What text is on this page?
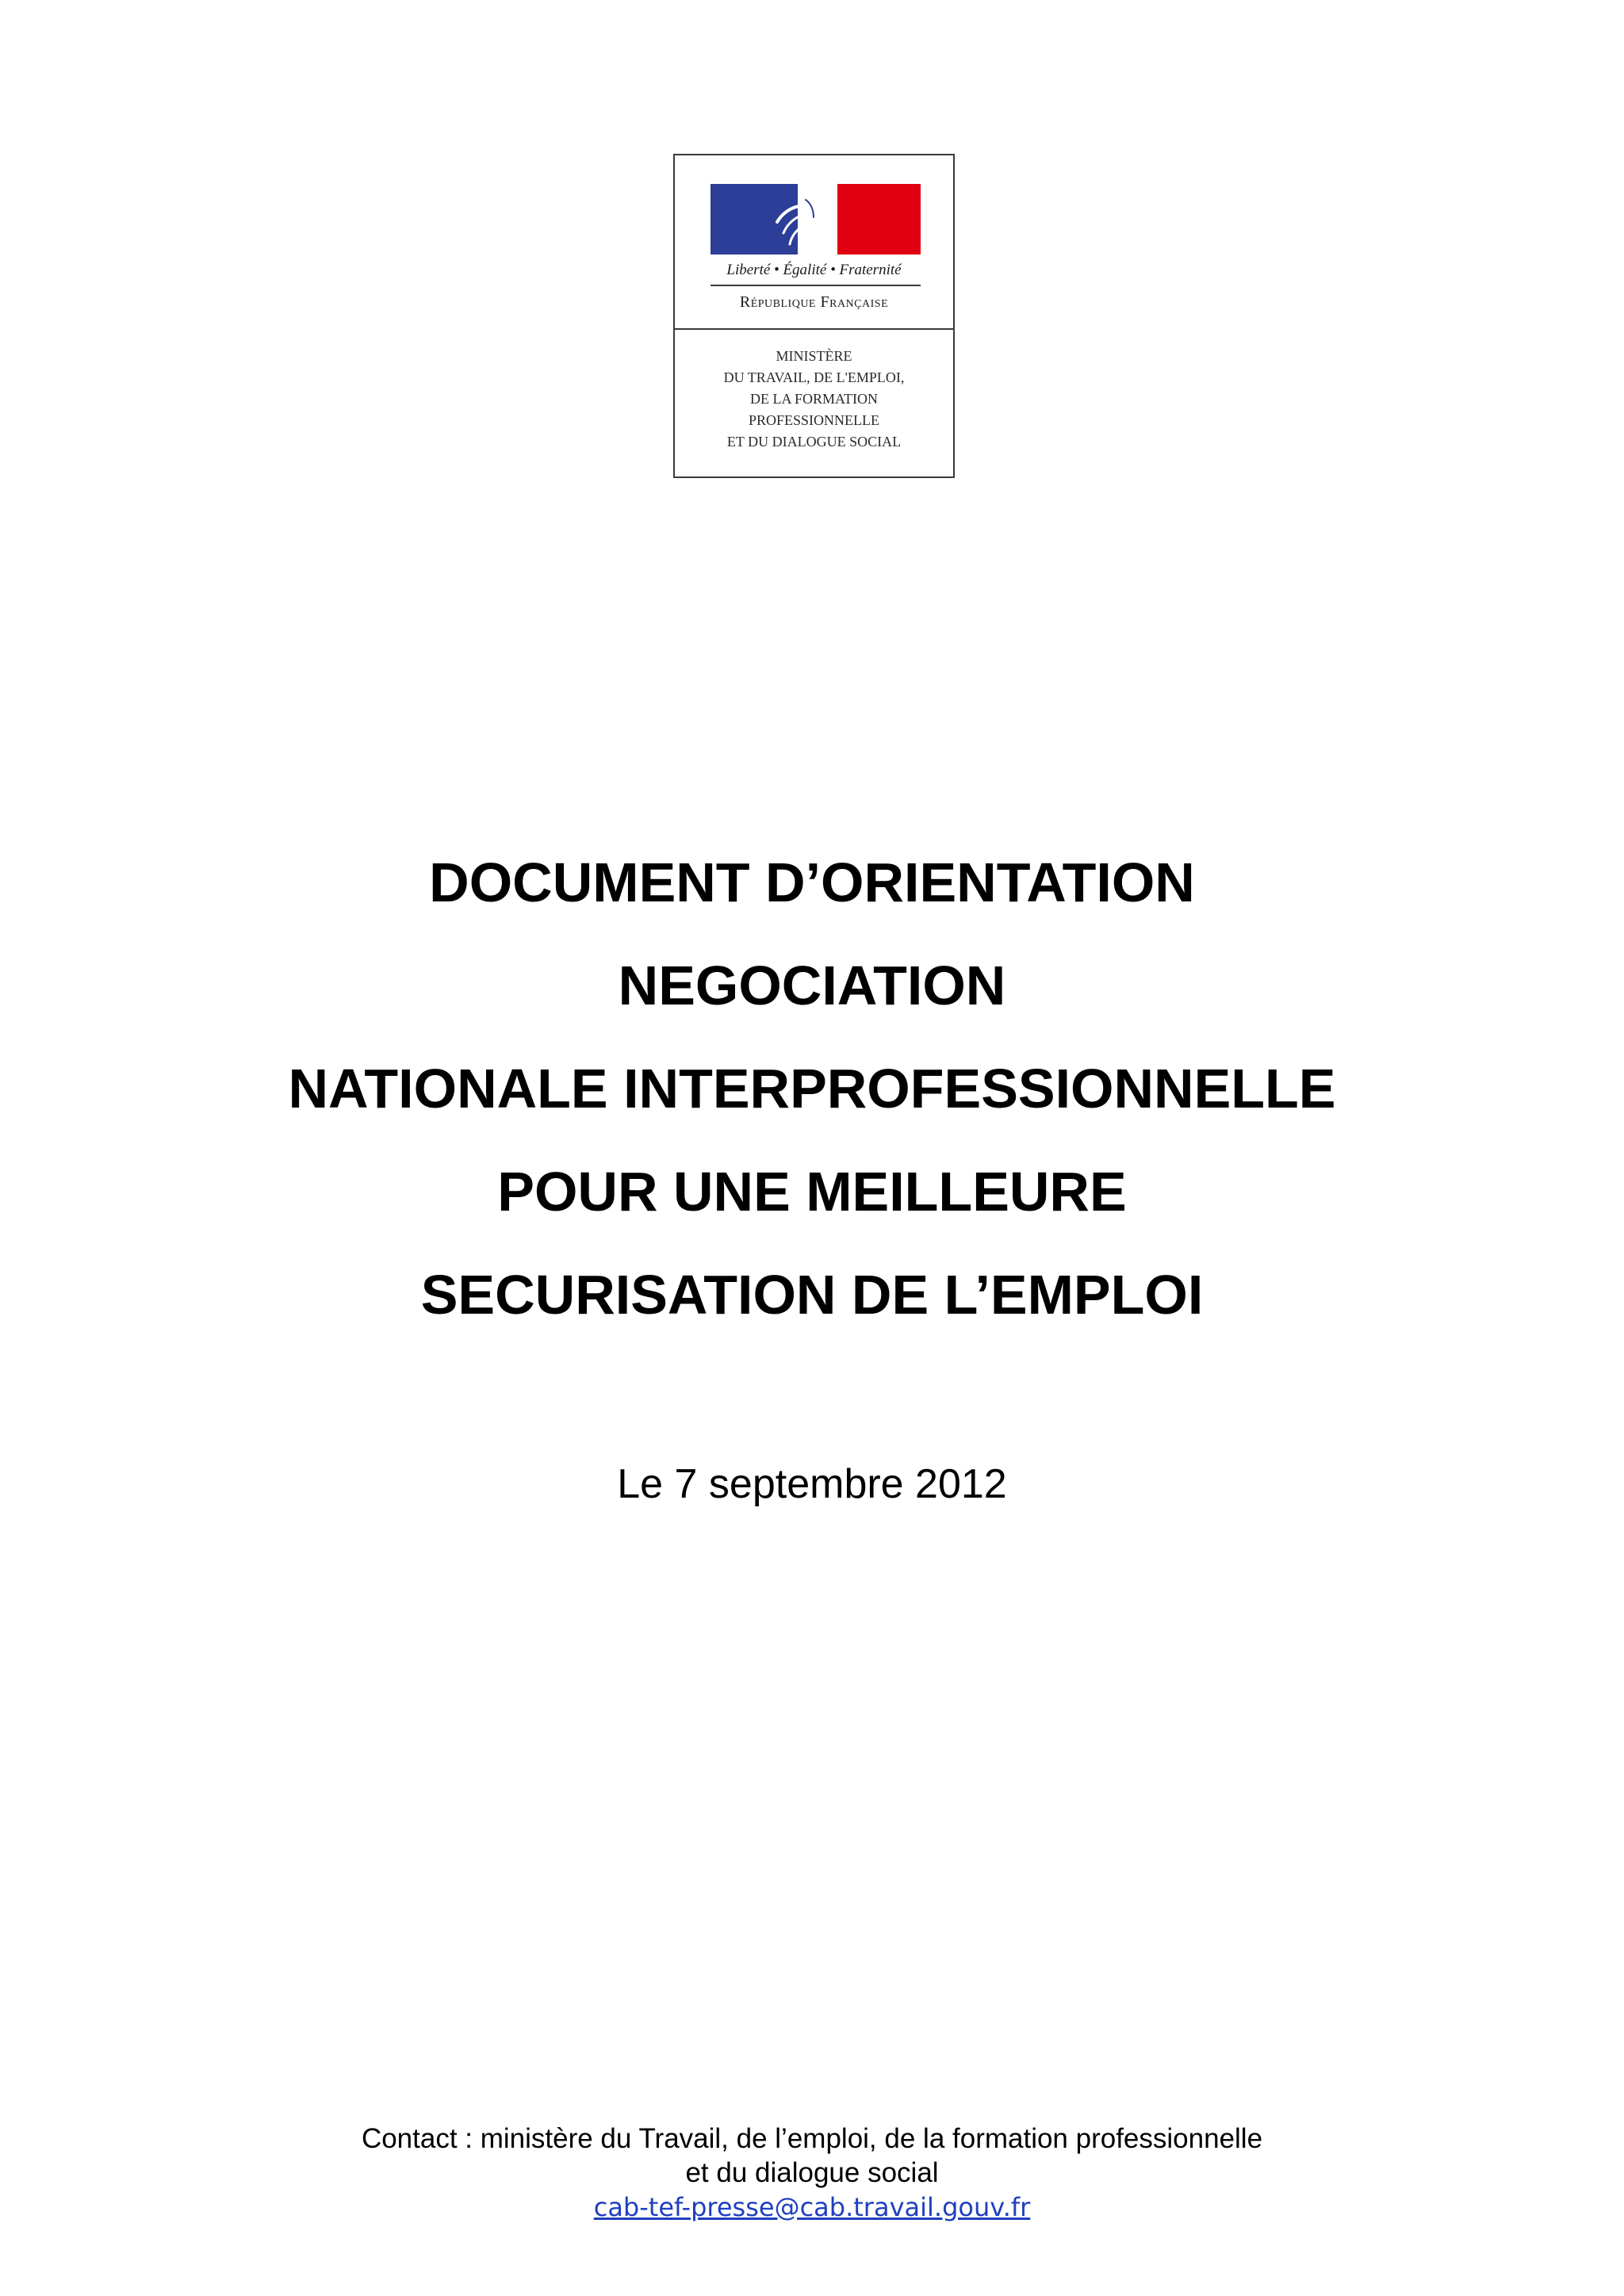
Liberté • Égalité • Fraternité
République Française
MINISTÈRE
DU TRAVAIL, DE L'EMPLOI,
DE LA FORMATION
PROFESSIONNELLE
ET DU DIALOGUE SOCIAL
DOCUMENT D’ORIENTATION
NEGOCIATION
NATIONALE INTERPROFESSIONNELLE
POUR UNE MEILLEURE
SECURISATION DE L’EMPLOI
Le 7 septembre 2012
Contact : ministère du Travail, de l’emploi, de la formation professionnelle
et du dialogue social
cab-tef-presse@cab.travail.gouv.fr
